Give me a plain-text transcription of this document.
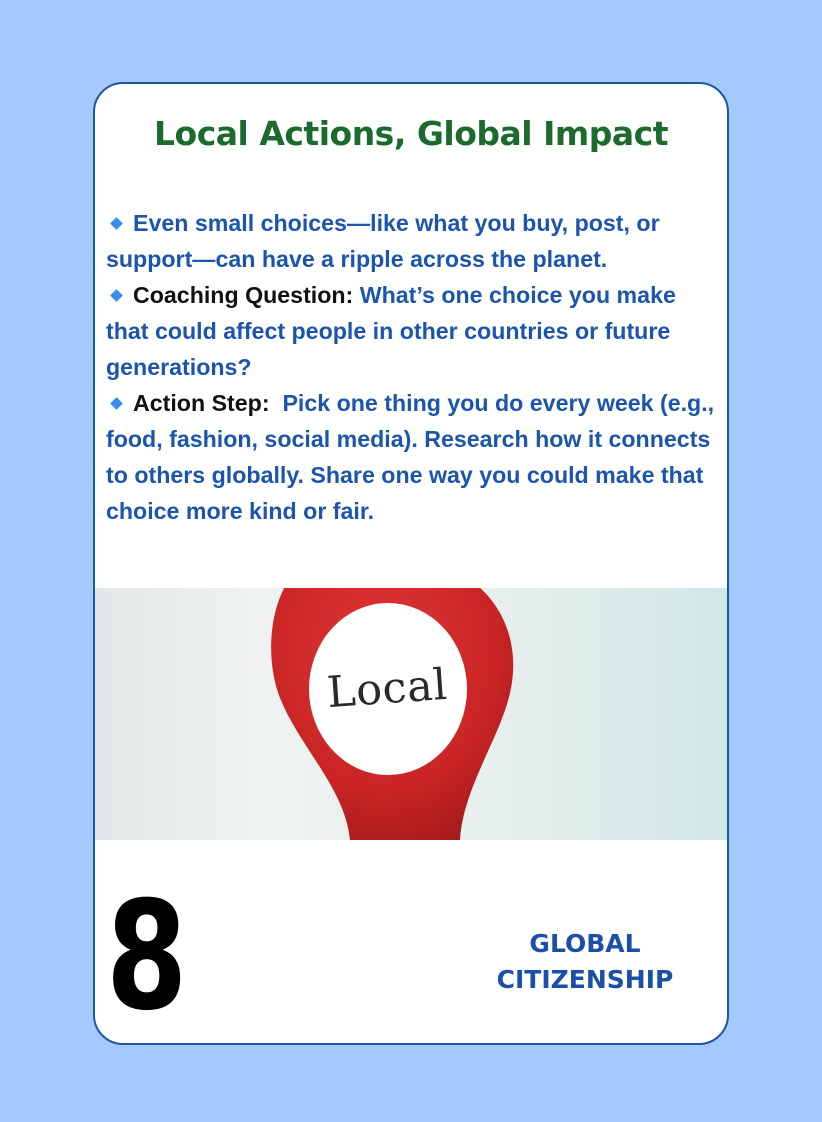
Local Actions, Global Impact

Even small choices—like what you buy, post, or support—can have a ripple across the planet.

Coaching Question: What’s one choice you make that could affect people in other countries or future generations?

Action Step: Pick one thing you do every week (e.g., food, fashion, social media). Research how it connects to others globally. Share one way you could make that choice more kind or fair.

Local
8	GLOBAL
CITIZENSHIP
